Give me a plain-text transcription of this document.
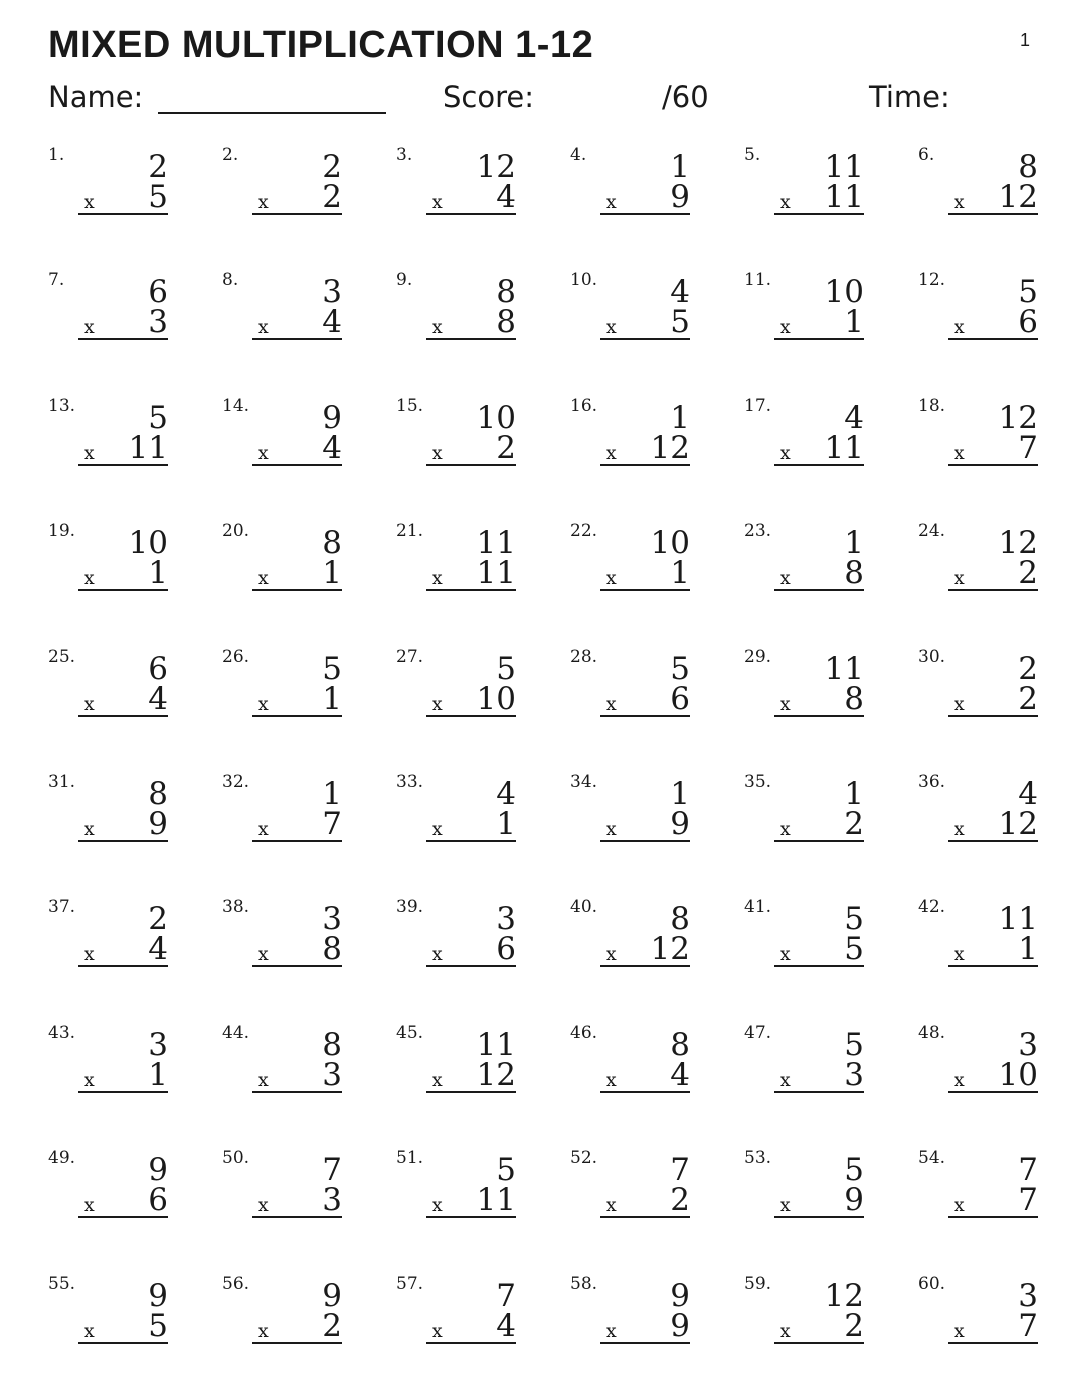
MIXED MULTIPLICATION 1-12	1
Name:	Score:	/60	Time:
1.	2
x 5
2.	2
x 2
3. 12
x 4
4.	1
x 9
5. 11
x 11
6.	8
x 12
7.	6
x 3
8.	3
x 4
9.	8
x 8
10. 4
x 5
11. 10
x 1
12. 5
x 6
13. 5
x 11
14. 9
x 4
15. 10
x 2
16. 1
x 12
17. 4
x 11
18. 12
x 7
19. 10
x 1
20. 8
x 1
21. 11
x 11
22. 10
x 1
23. 1
x 8
24. 12
x 2
25. 6
x 4
26. 5
x 1
27. 5
x 10
28. 5
x 6
29. 11
x 8
30. 2
x 2
31. 8
x 9
32. 1
x 7
33. 4
x 1
34. 1
x 9
35. 1
x 2
36. 4
x 12
37. 2
x 4
38. 3
x 8
39. 3
x 6
40. 8
x 12
41. 5
x 5
42. 11
x 1
43. 3
x 1
44. 8
x 3
45. 11
x 12
46. 8
x 4
47. 5
x 3
48. 3
x 10
49. 9
x 6
50. 7
x 3
51. 5
x 11
52. 7
x 2
53. 5
x 9
54. 7
x 7
55. 9
x 5
56. 9
x 2
57. 7
x 4
58. 9
x 9
59. 12
x 2
60. 3
x 7
